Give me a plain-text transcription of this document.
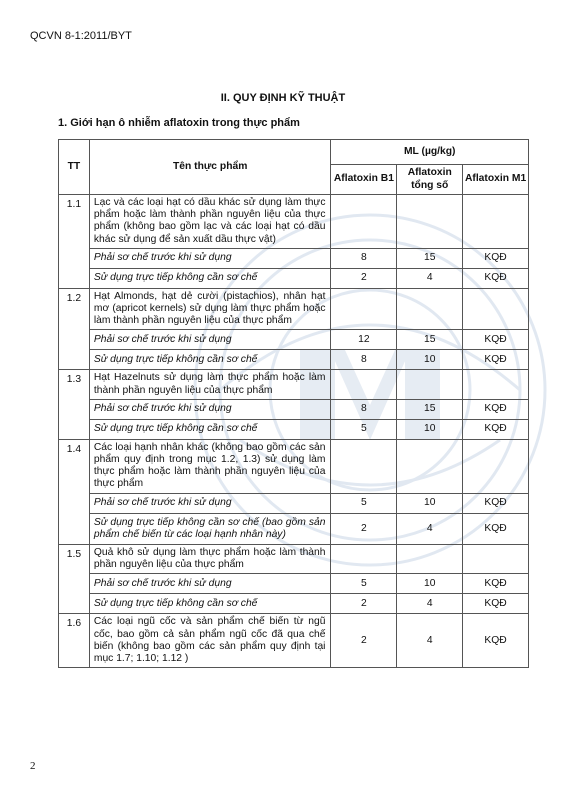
QCVN 8-1:2011/BYT
II. QUY ĐỊNH KỸ THUẬT
1. Giới hạn ô nhiễm aflatoxin trong thực phẩm
TT	Tên thực phẩm	ML (µg/kg)		
		Aflatoxin B1	Aflatoxin tổng số	Aflatoxin M1
1.1	Lạc và các loại hạt có dầu khác sử dụng làm thực phẩm hoặc làm thành phần nguyên liệu của thực phẩm (không bao gồm lạc và các loại hạt có dầu khác sử dụng để sản xuất dầu thực vật)			
	Phải sơ chế trước khi sử dụng	8	15	KQĐ
	Sử dụng trực tiếp không cần sơ chế	2	4	KQĐ
1.2	Hạt Almonds, hạt dẻ cười (pistachios), nhân hạt mơ (apricot kernels) sử dụng làm thực phẩm hoặc làm thành phần nguyên liệu của thực phẩm			
	Phải sơ chế trước khi sử dụng	12	15	KQĐ
	Sử dụng trực tiếp không cần sơ chế	8	10	KQĐ
1.3	Hạt Hazelnuts sử dụng làm thực phẩm hoặc làm thành phần nguyên liệu của thực phẩm			
	Phải sơ chế trước khi sử dụng	8	15	KQĐ
	Sử dụng trực tiếp không cần sơ chế	5	10	KQĐ
1.4	Các loại hạnh nhân khác (không bao gồm các sản phẩm quy định trong mục 1.2, 1.3) sử dụng làm thực phẩm hoặc làm thành phần nguyên liệu của thực phẩm			
	Phải sơ chế trước khi sử dụng	5	10	KQĐ
	Sử dụng trực tiếp không cần sơ chế (bao gồm sản phẩm chế biến từ các loại hạnh nhân này)	2	4	KQĐ
1.5	Quả khô sử dụng làm thực phẩm hoặc làm thành phần nguyên liệu của thực phẩm			
	Phải sơ chế trước khi sử dụng	5	10	KQĐ
	Sử dụng trực tiếp không cần sơ chế	2	4	KQĐ
1.6	Các loại ngũ cốc và sản phẩm chế biến từ ngũ cốc, bao gồm cả sản phẩm ngũ cốc đã qua chế biến (không bao gồm các sản phẩm quy định tại mục 1.7; 1.10; 1.12 )	2	4	KQĐ
2
